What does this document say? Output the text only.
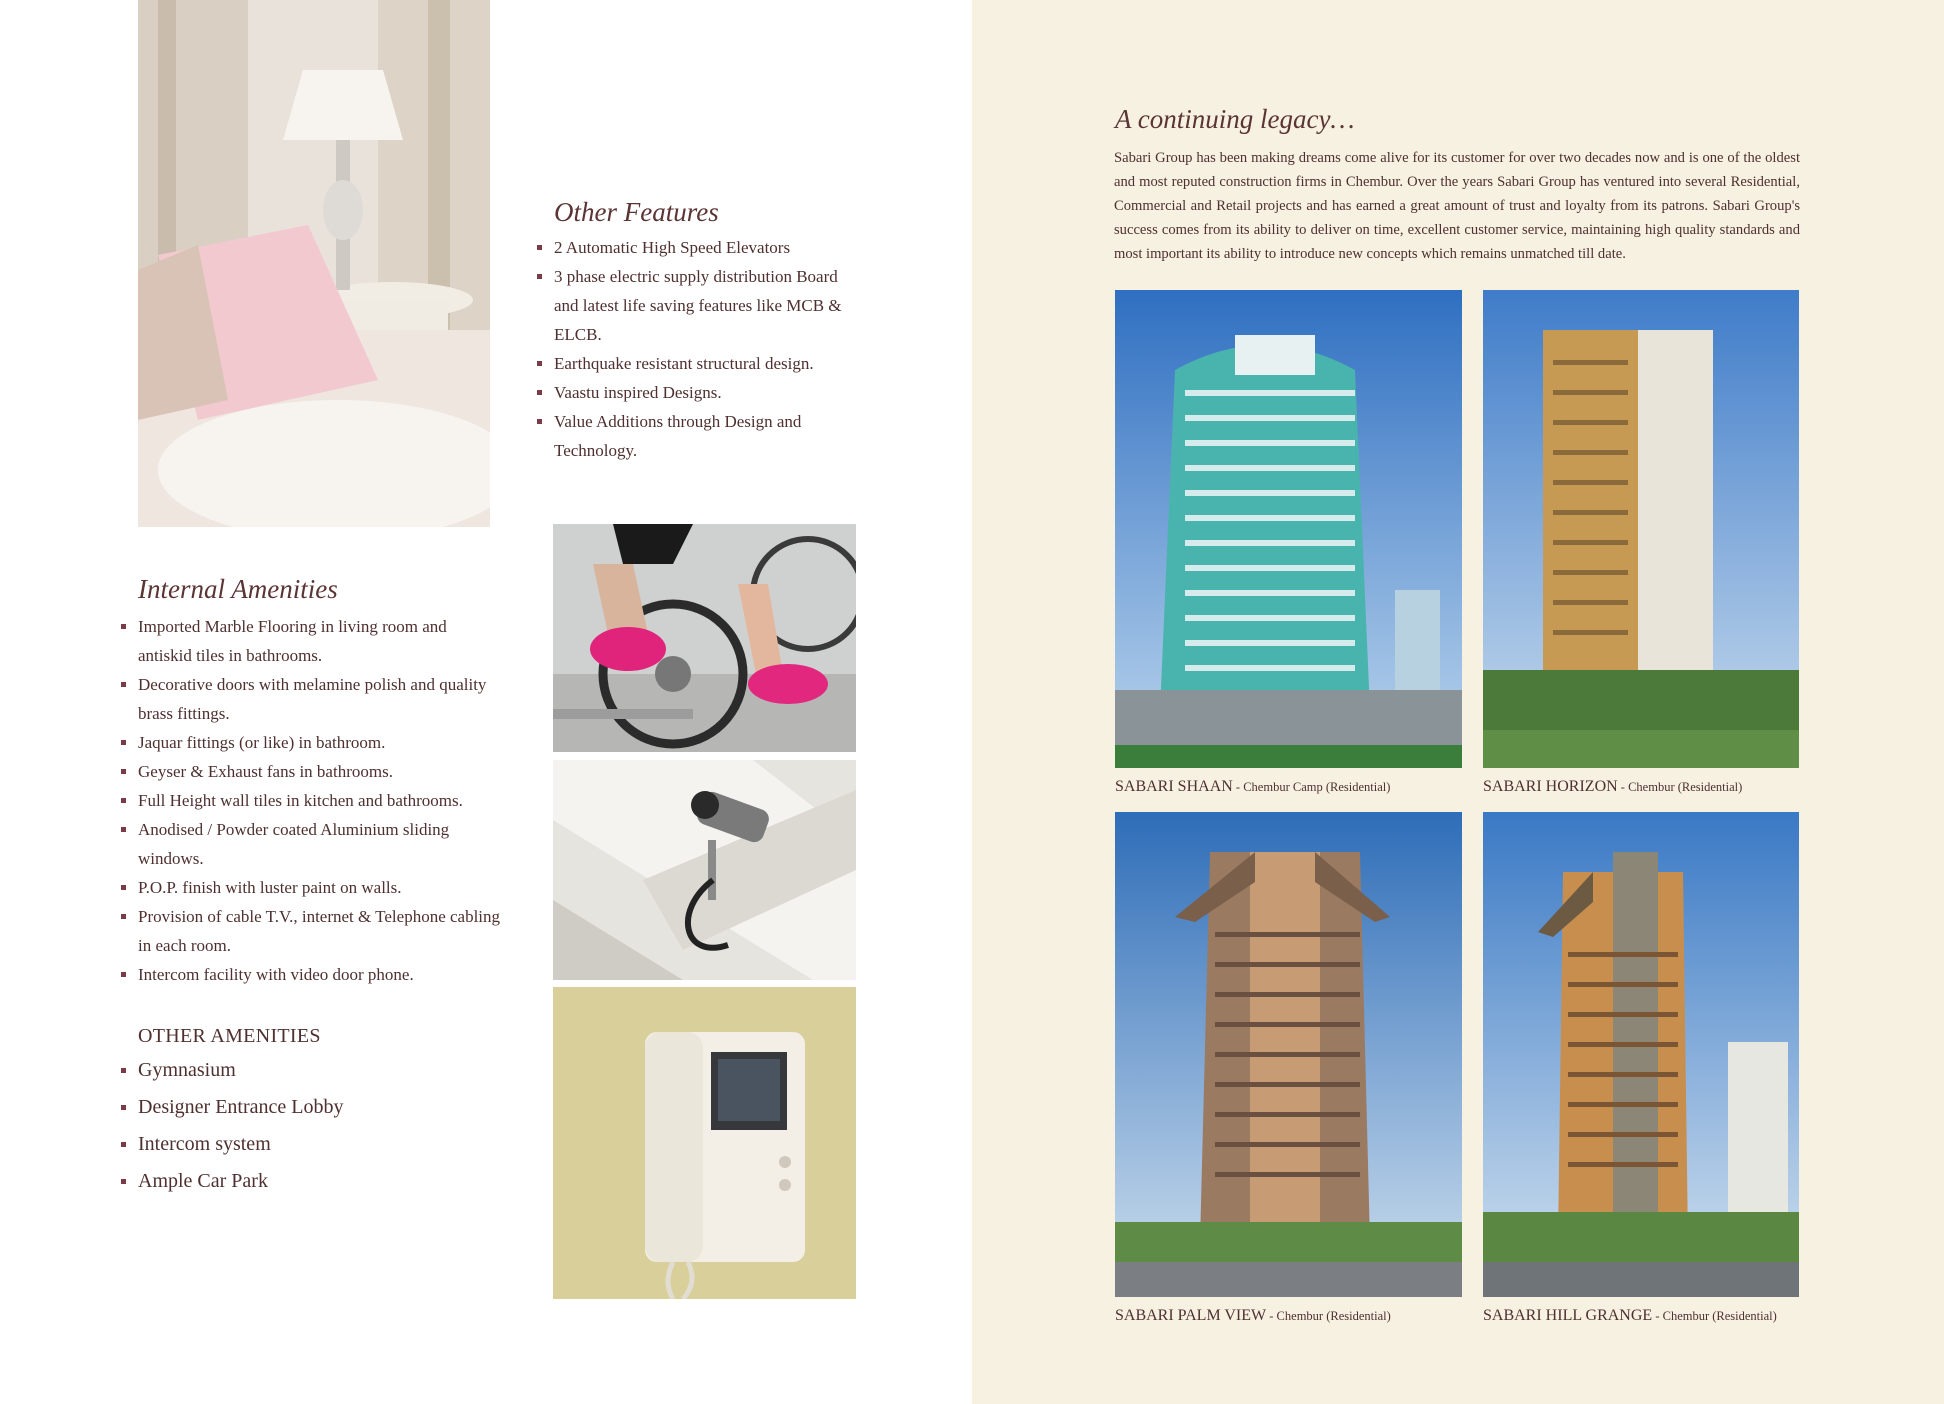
Internal Amenities
Imported Marble Flooring in living room and antiskid tiles in bathrooms.
Decorative doors with melamine polish and quality brass fittings.
Jaquar fittings (or like) in bathroom.
Geyser & Exhaust fans in bathrooms.
Full Height wall tiles in kitchen and bathrooms.
Anodised / Powder coated Aluminium sliding windows.
P.O.P. finish with luster paint on walls.
Provision of cable T.V., internet & Telephone cabling in each room.
Intercom facility with video door phone.
OTHER AMENITIES
Gymnasium
Designer Entrance Lobby
Intercom system
Ample Car Park
Other Features
2 Automatic High Speed Elevators
3 phase electric supply distribution Board and latest life saving features like MCB & ELCB.
Earthquake resistant structural design.
Vaastu inspired Designs.
Value Additions through Design and Technology.
A continuing legacy…

Sabari Group has been making dreams come alive for its customer for over two decades now and is one of the oldest and most reputed construction firms in Chembur. Over the years Sabari Group has ventured into several Residential, Commercial and Retail projects and has earned a great amount of trust and loyalty from its patrons. Sabari Group's success comes from its ability to deliver on time, excellent customer service, maintaining high quality standards and most important its ability to introduce new concepts which remains unmatched till date.

SABARI SHAAN - Chembur Camp (Residential)	SABARI HORIZON - Chembur (Residential)
SABARI PALM VIEW - Chembur (Residential)	SABARI HILL GRANGE - Chembur (Residential)
